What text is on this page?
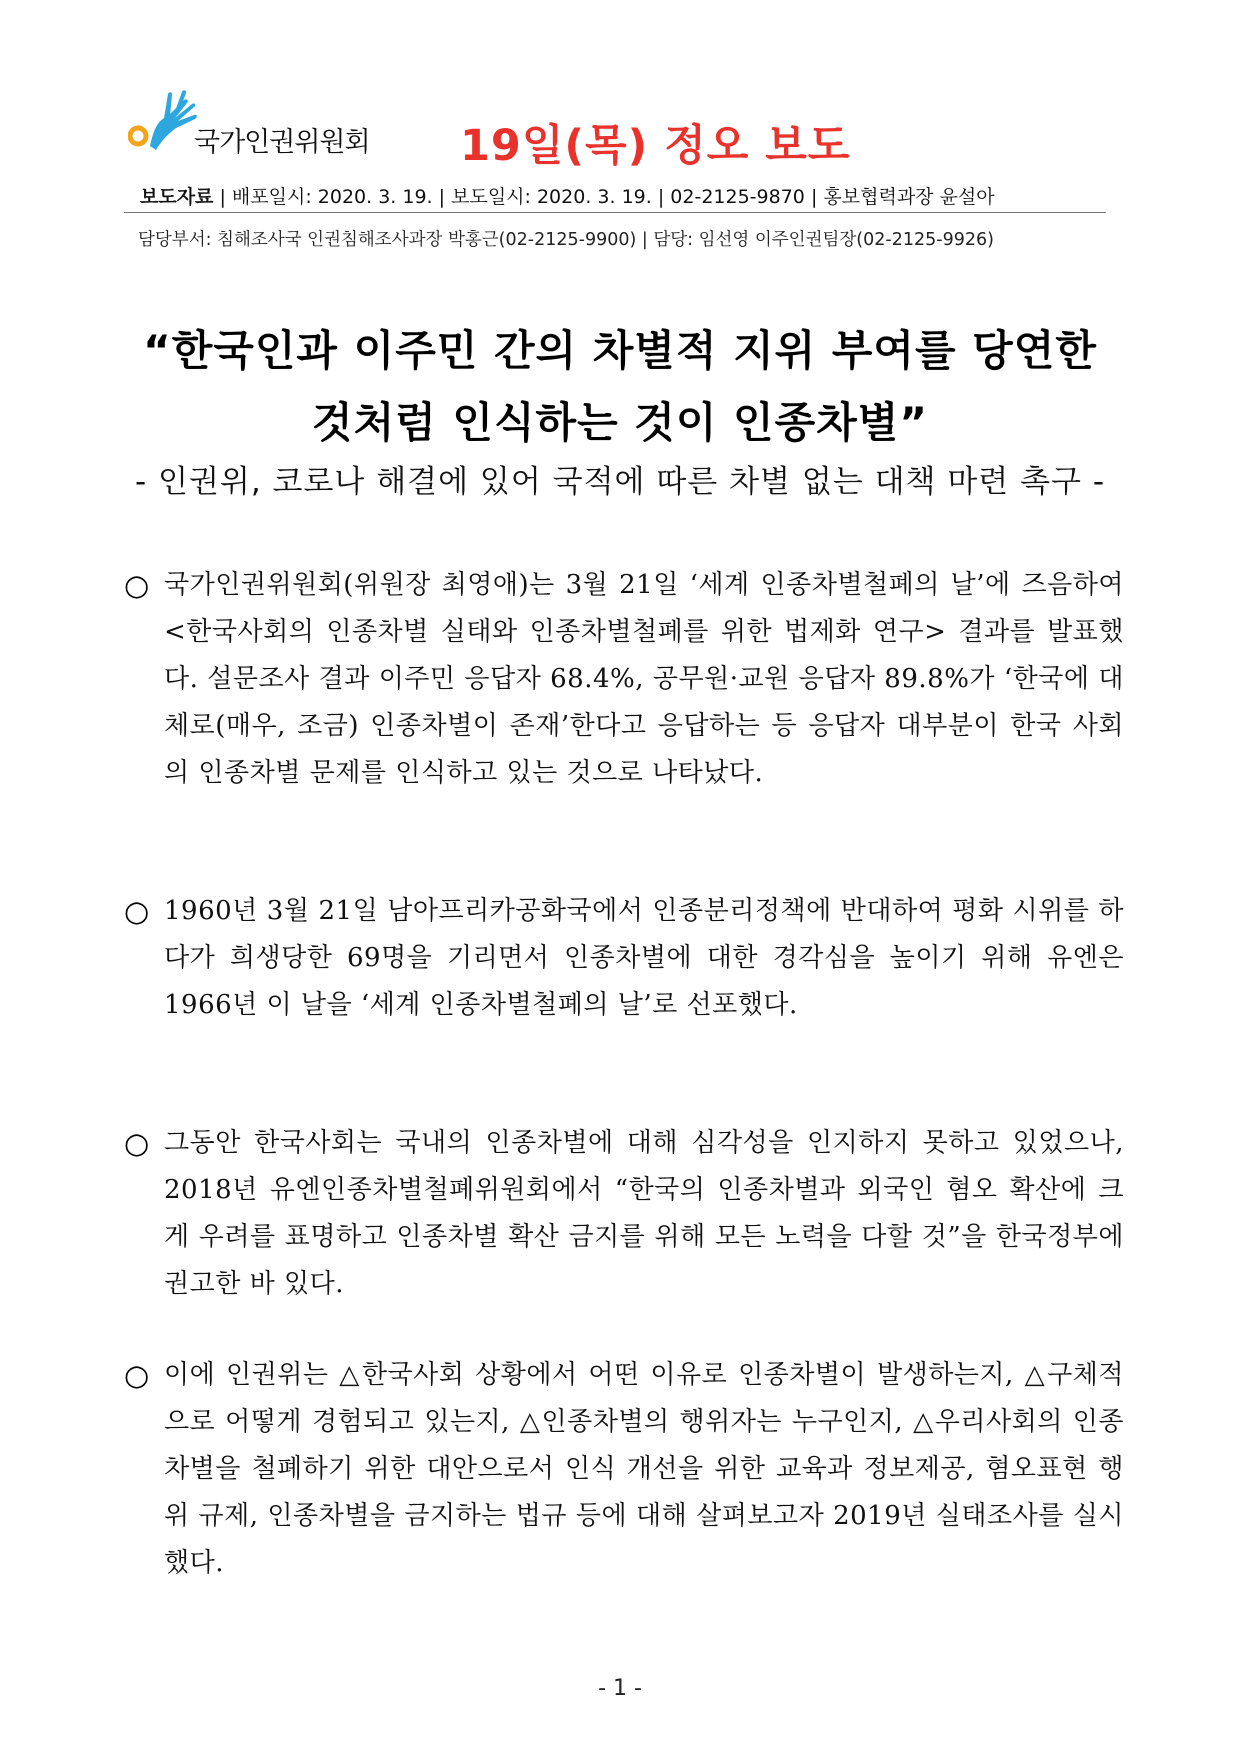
국가인권위원회 19일(목) 정오 보도
보도자료 | 배포일시: 2020. 3. 19. | 보도일시: 2020. 3. 19. | 02-2125-9870 | 홍보협력과장 윤설아
담당부서: 침해조사국 인권침해조사과장 박홍근(02-2125-9900) | 담당: 임선영 이주인권팀장(02-2125-9926)
“한국인과 이주민 간의 차별적 지위 부여를 당연한
것처럼 인식하는 것이 인종차별”
- 인권위, 코로나 해결에 있어 국적에 따른 차별 없는 대책 마련 촉구 -
○ 국가인권위원회(위원장 최영애)는 3월 21일 ‘세계 인종차별철폐의 날’에 즈음하여 <한국사회의 인종차별 실태와 인종차별철폐를 위한 법제화 연구> 결과를 발표했다. 설문조사 결과 이주민 응답자 68.4%, 공무원·교원 응답자 89.8%가 ‘한국에 대체로(매우, 조금) 인종차별이 존재’한다고 응답하는 등 응답자 대부분이 한국 사회의 인종차별 문제를 인식하고 있는 것으로 나타났다.
○ 1960년 3월 21일 남아프리카공화국에서 인종분리정책에 반대하여 평화 시위를 하다가 희생당한 69명을 기리면서 인종차별에 대한 경각심을 높이기 위해 유엔은 1966년 이 날을 ‘세계 인종차별철폐의 날’로 선포했다.
○ 그동안 한국사회는 국내의 인종차별에 대해 심각성을 인지하지 못하고 있었으나, 2018년 유엔인종차별철폐위원회에서 “한국의 인종차별과 외국인 혐오 확산에 크게 우려를 표명하고 인종차별 확산 금지를 위해 모든 노력을 다할 것”을 한국정부에 권고한 바 있다.
○ 이에 인권위는 △한국사회 상황에서 어떤 이유로 인종차별이 발생하는지, △구체적으로 어떻게 경험되고 있는지, △인종차별의 행위자는 누구인지, △우리사회의 인종차별을 철폐하기 위한 대안으로서 인식 개선을 위한 교육과 정보제공, 혐오표현 행위 규제, 인종차별을 금지하는 법규 등에 대해 살펴보고자 2019년 실태조사를 실시했다.
- 1 -
